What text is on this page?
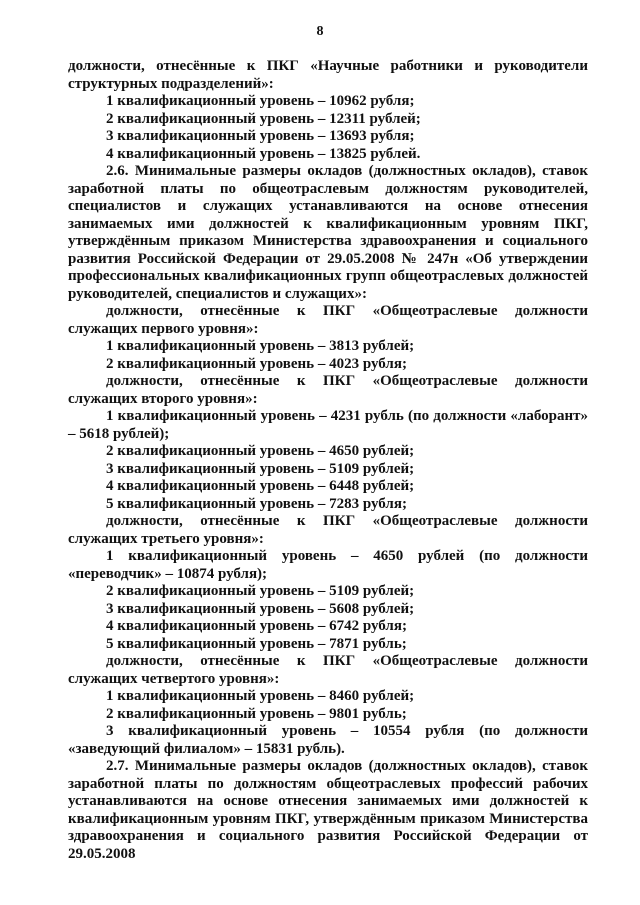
8
должности, отнесённые к ПКГ «Научные работники и руководители структурных подразделений»:
1 квалификационный уровень – 10962 рубля;
2 квалификационный уровень – 12311 рублей;
3 квалификационный уровень – 13693 рубля;
4 квалификационный уровень – 13825 рублей.
2.6. Минимальные размеры окладов (должностных окладов), ставок заработной платы по общеотраслевым должностям руководителей, специалистов и служащих устанавливаются на основе отнесения занимаемых ими должностей к квалификационным уровням ПКГ, утверждённым приказом Министерства здравоохранения и социального развития Российской Федерации от 29.05.2008 № 247н «Об утверждении профессиональных квалификационных групп общеотраслевых должностей руководителей, специалистов и служащих»:
должности, отнесённые к ПКГ «Общеотраслевые должности служащих первого уровня»:
1 квалификационный уровень – 3813 рублей;
2 квалификационный уровень – 4023 рубля;
должности, отнесённые к ПКГ «Общеотраслевые должности служащих второго уровня»:
1 квалификационный уровень – 4231 рубль (по должности «лаборант» – 5618 рублей);
2 квалификационный уровень – 4650 рублей;
3 квалификационный уровень – 5109 рублей;
4 квалификационный уровень – 6448 рублей;
5 квалификационный уровень – 7283 рубля;
должности, отнесённые к ПКГ «Общеотраслевые должности служащих третьего уровня»:
1 квалификационный уровень – 4650 рублей (по должности «переводчик» – 10874 рубля);
2 квалификационный уровень – 5109 рублей;
3 квалификационный уровень – 5608 рублей;
4 квалификационный уровень – 6742 рубля;
5 квалификационный уровень – 7871 рубль;
должности, отнесённые к ПКГ «Общеотраслевые должности служащих четвертого уровня»:
1 квалификационный уровень – 8460 рублей;
2 квалификационный уровень – 9801 рубль;
3 квалификационный уровень – 10554 рубля (по должности «заведующий филиалом» – 15831 рубль).
2.7. Минимальные размеры окладов (должностных окладов), ставок заработной платы по должностям общеотраслевых профессий рабочих устанавливаются на основе отнесения занимаемых ими должностей к квалификационным уровням ПКГ, утверждённым приказом Министерства здравоохранения и социального развития Российской Федерации от 29.05.2008
